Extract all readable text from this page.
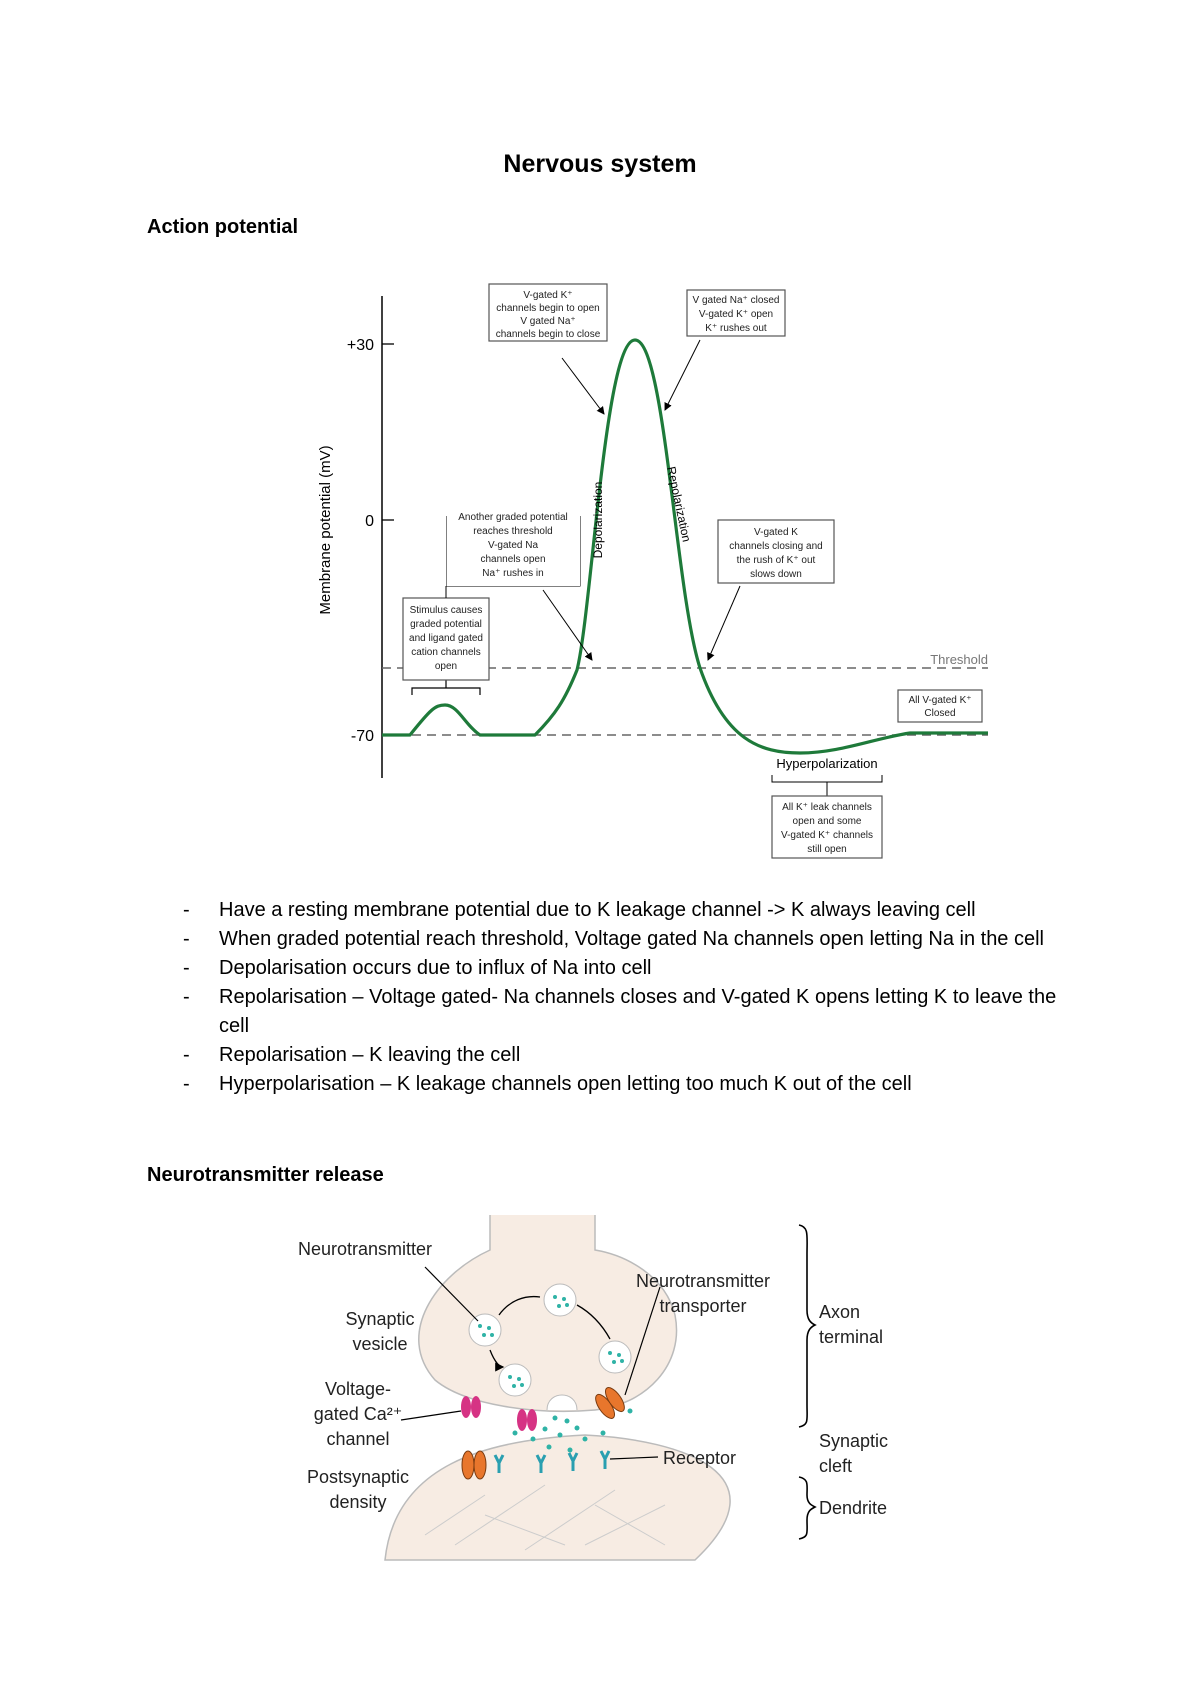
Nervous system
Action potential
+30
0
-70
Membrane potential (mV)
Threshold
Depolarization	Repolarization
Stimulus causes
graded potential
and ligand gated
cation channels
open
Another graded potential
reaches threshold
V-gated Na
channels open
Na⁺ rushes in
V-gated K⁺
channels begin to open
V gated Na⁺
channels begin to close
V gated Na⁺ closed
V-gated K⁺ open
K⁺ rushes out
V-gated K
channels closing and
the rush of K⁺ out
slows down
All V-gated K⁺
Closed
Hyperpolarization
All K⁺ leak channels
open and some
V-gated K⁺ channels
still open
- Have a resting membrane potential due to K leakage channel -> K always leaving cell
- When graded potential reach threshold, Voltage gated Na channels open letting Na in the cell
- Depolarisation occurs due to influx of Na into cell
- Repolarisation – Voltage gated- Na channels closes and V-gated K opens letting K to leave the cell
- Repolarisation – K leaving the cell
- Hyperpolarisation – K leakage channels open letting too much K out of the cell
Neurotransmitter release
Neurotransmitter
Synaptic
vesicle
Voltage-
gated Ca²⁺
channel
Postsynaptic
density
Neurotransmitter
transporter
Receptor
Axon
terminal
Synaptic
cleft
Dendrite
